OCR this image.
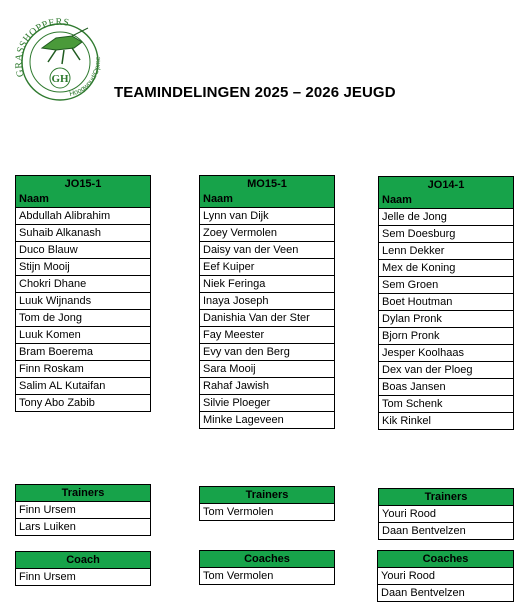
GRASSHOPPERS
Hoogwoud/Opme
GH
TEAMINDELINGEN 2025 – 2026 JEUGD
JO15-1
Naam
Abdullah Alibrahim
Suhaib Alkanash
Duco Blauw
Stijn Mooij
Chokri Dhane
Luuk Wijnands
Tom de Jong
Luuk Komen
Bram Boerema
Finn Roskam
Salim AL Kutaifan
Tony Abo Zabib
MO15-1
Naam
Lynn van Dijk
Zoey Vermolen
Daisy van der Veen
Eef Kuiper
Niek Feringa
Inaya Joseph
Danishia Van der Ster
Fay Meester
Evy van den Berg
Sara Mooij
Rahaf Jawish
Silvie Ploeger
Minke Lageveen
JO14-1
Naam
Jelle de Jong
Sem Doesburg
Lenn Dekker
Mex de Koning
Sem Groen
Boet Houtman
Dylan Pronk
Bjorn Pronk
Jesper Koolhaas
Dex van der Ploeg
Boas Jansen
Tom Schenk
Kik Rinkel
Trainers
Finn Ursem
Lars Luiken
Trainers
Tom Vermolen
Trainers
Youri Rood
Daan Bentvelzen
Coach
Finn Ursem
Coaches
Tom Vermolen
Coaches
Youri Rood
Daan Bentvelzen
